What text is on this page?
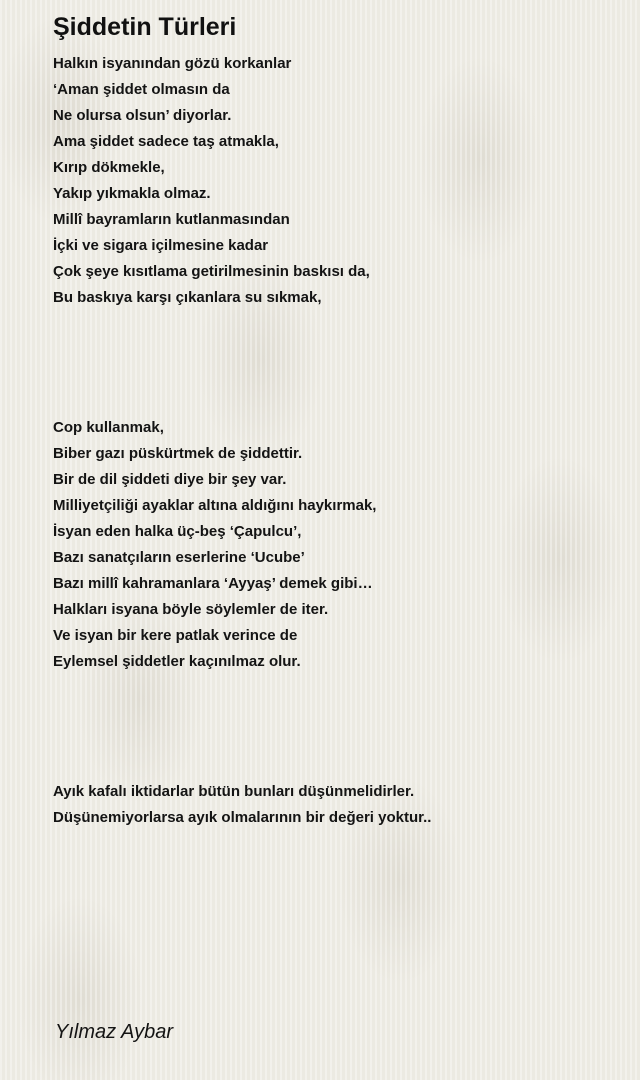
Şiddetin Türleri
Halkın isyanından gözü korkanlar
‘Aman şiddet olmasın da
Ne olursa olsun’ diyorlar.
Ama şiddet sadece taş atmakla,
Kırıp dökmekle,
Yakıp yıkmakla olmaz.
Millî bayramların kutlanmasından
İçki ve sigara içilmesine kadar
Çok şeye kısıtlama getirilmesinin baskısı da,
Bu baskıya karşı çıkanlara su sıkmak,
Cop kullanmak,
Biber gazı püskürtmek de şiddettir.
Bir de dil şiddeti diye bir şey var.
Milliyetçiliği ayaklar altına aldığını haykırmak,
İsyan eden halka üç-beş ‘Çapulcu’,
Bazı sanatçıların eserlerine ‘Ucube’
Bazı millî kahramanlara ‘Ayyaş’ demek gibi…
Halkları isyana böyle söylemler de iter.
Ve isyan bir kere patlak verince de
Eylemsel şiddetler kaçınılmaz olur.
Ayık kafalı iktidarlar bütün bunları düşünmelidirler.
Düşünemiyorlarsa ayık olmalarının bir değeri yoktur..
Yılmaz Aybar
